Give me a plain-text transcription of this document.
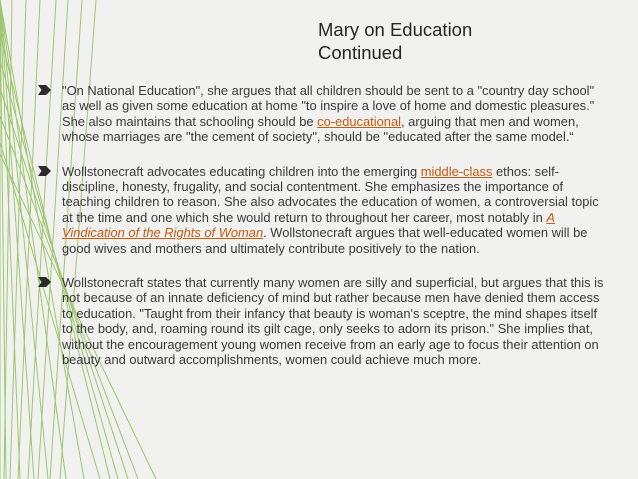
Mary on Education
Continued
"On National Education", she argues that all children should be sent to a "country day school" as well as given some education at home "to inspire a love of home and domestic pleasures." She also maintains that schooling should be co-educational, arguing that men and women, whose marriages are "the cement of society", should be "educated after the same model.“
Wollstonecraft advocates educating children into the emerging middle-class ethos: self-discipline, honesty, frugality, and social contentment. She emphasizes the importance of teaching children to reason. She also advocates the education of women, a controversial topic at the time and one which she would return to throughout her career, most notably in A Vindication of the Rights of Woman. Wollstonecraft argues that well-educated women will be good wives and mothers and ultimately contribute positively to the nation.
Wollstonecraft states that currently many women are silly and superficial, but argues that this is not because of an innate deficiency of mind but rather because men have denied them access to education. "Taught from their infancy that beauty is woman's sceptre, the mind shapes itself to the body, and, roaming round its gilt cage, only seeks to adorn its prison." She implies that, without the encouragement young women receive from an early age to focus their attention on beauty and outward accomplishments, women could achieve much more.
